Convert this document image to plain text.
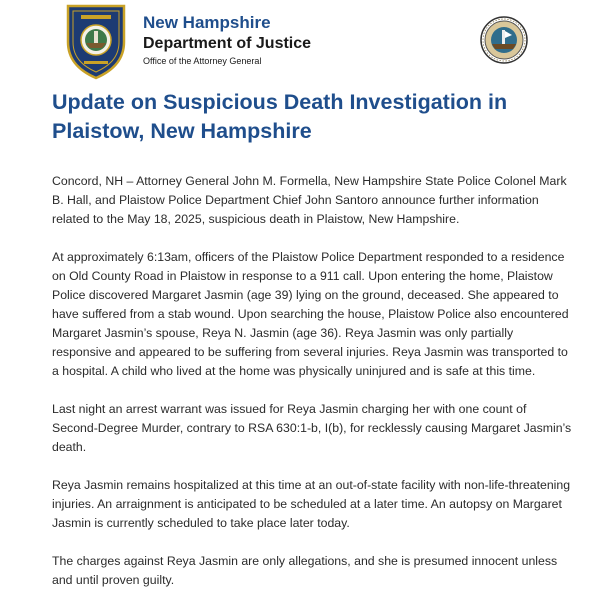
New Hampshire
Department of Justice
Office of the Attorney General
Update on Suspicious Death Investigation in Plaistow, New Hampshire

Concord, NH – Attorney General John M. Formella, New Hampshire State Police Colonel Mark B. Hall, and Plaistow Police Department Chief John Santoro announce further information related to the May 18, 2025, suspicious death in Plaistow, New Hampshire.

At approximately 6:13am, officers of the Plaistow Police Department responded to a residence on Old County Road in Plaistow in response to a 911 call. Upon entering the home, Plaistow Police discovered Margaret Jasmin (age 39) lying on the ground, deceased. She appeared to have suffered from a stab wound. Upon searching the house, Plaistow Police also encountered Margaret Jasmin’s spouse, Reya N. Jasmin (age 36). Reya Jasmin was only partially responsive and appeared to be suffering from several injuries. Reya Jasmin was transported to a hospital. A child who lived at the home was physically uninjured and is safe at this time.

Last night an arrest warrant was issued for Reya Jasmin charging her with one count of Second-Degree Murder, contrary to RSA 630:1-b, I(b), for recklessly causing Margaret Jasmin’s death.

Reya Jasmin remains hospitalized at this time at an out-of-state facility with non-life-threatening injuries. An arraignment is anticipated to be scheduled at a later time. An autopsy on Margaret Jasmin is currently scheduled to take place later today.

The charges against Reya Jasmin are only allegations, and she is presumed innocent unless and until proven guilty.
